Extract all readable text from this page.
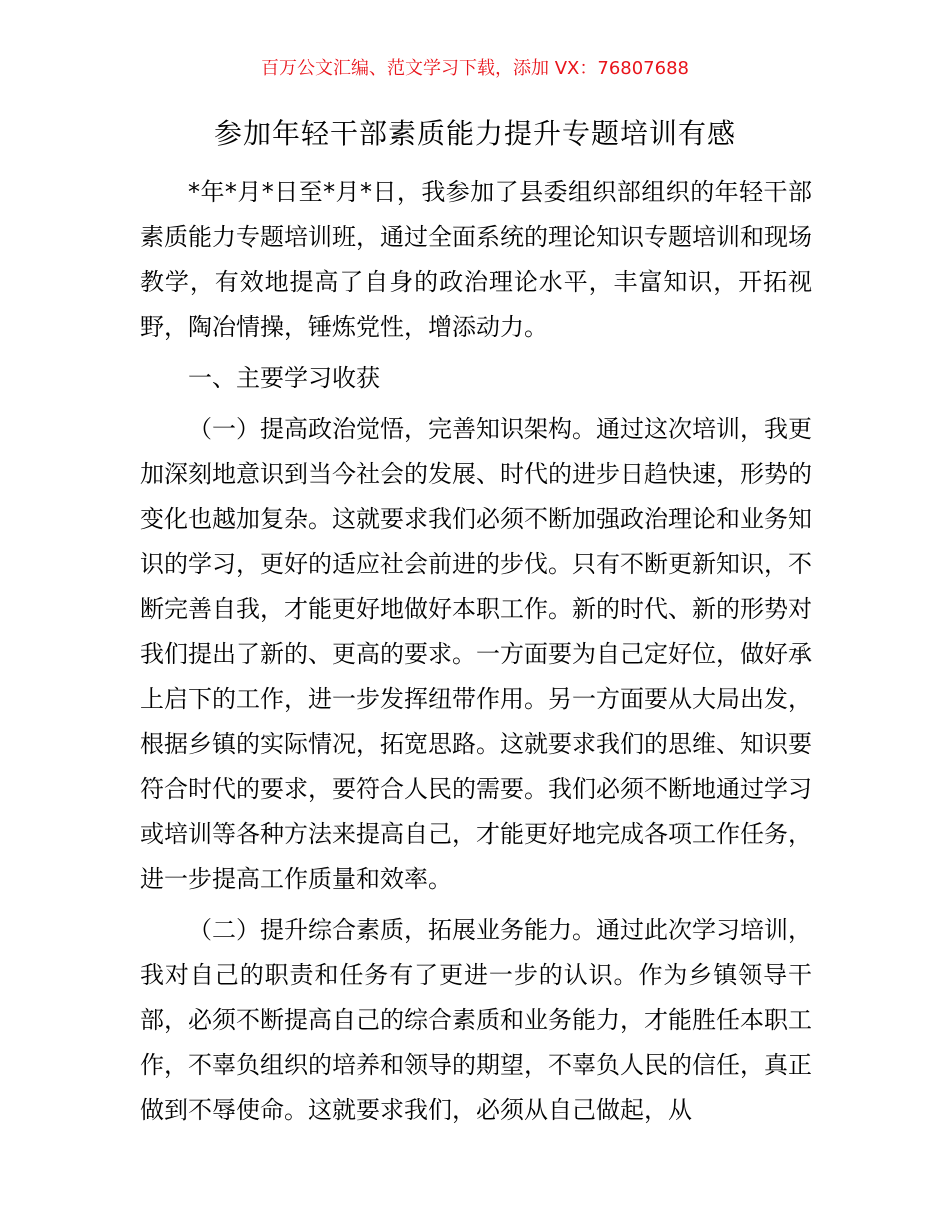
百万公文汇编、范文学习下载，添加 VX：76807688
参加年轻干部素质能力提升专题培训有感

*年*月*日至*月*日，我参加了县委组织部组织的年轻干部素质能力专题培训班，通过全面系统的理论知识专题培训和现场教学，有效地提高了自身的政治理论水平，丰富知识，开拓视野，陶冶情操，锤炼党性，增添动力。

一、主要学习收获

（一）提高政治觉悟，完善知识架构。通过这次培训，我更加深刻地意识到当今社会的发展、时代的进步日趋快速，形势的变化也越加复杂。这就要求我们必须不断加强政治理论和业务知识的学习，更好的适应社会前进的步伐。只有不断更新知识，不断完善自我，才能更好地做好本职工作。新的时代、新的形势对我们提出了新的、更高的要求。一方面要为自己定好位，做好承上启下的工作，进一步发挥纽带作用。另一方面要从大局出发，根据乡镇的实际情况，拓宽思路。这就要求我们的思维、知识要符合时代的要求，要符合人民的需要。我们必须不断地通过学习或培训等各种方法来提高自己，才能更好地完成各项工作任务，进一步提高工作质量和效率。

（二）提升综合素质，拓展业务能力。通过此次学习培训，我对自己的职责和任务有了更进一步的认识。作为乡镇领导干部，必须不断提高自己的综合素质和业务能力，才能胜任本职工作，不辜负组织的培养和领导的期望，不辜负人民的信任，真正做到不辱使命。这就要求我们，必须从自己做起，从
